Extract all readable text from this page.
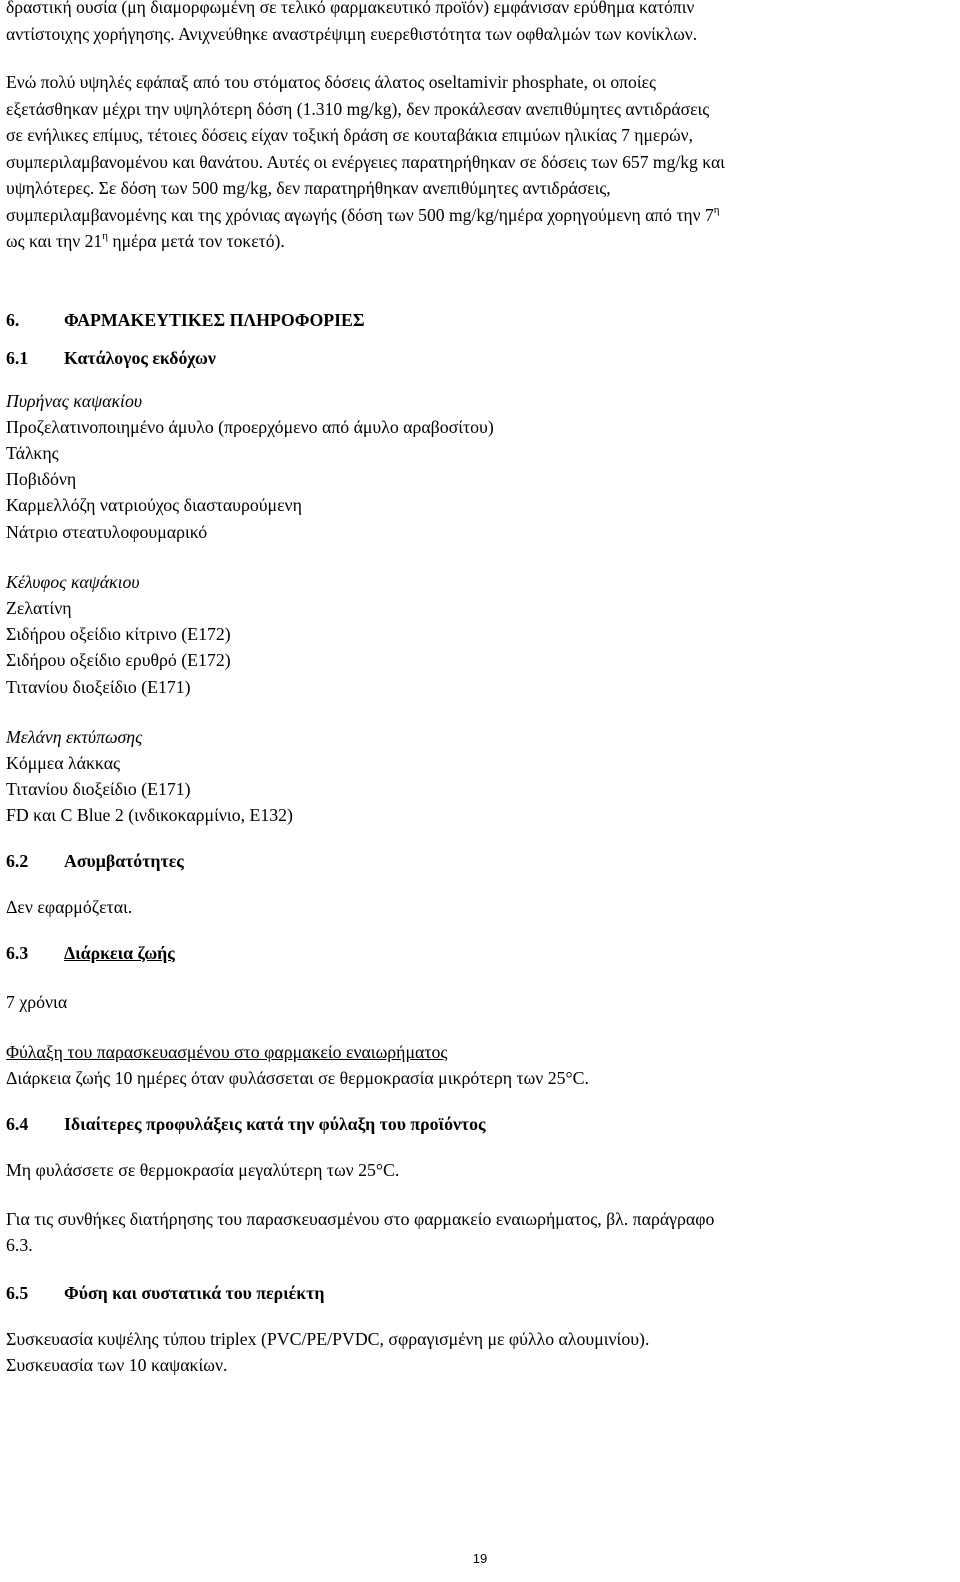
δραστική ουσία (μη διαμορφωμένη σε τελικό φαρμακευτικό προϊόν) εμφάνισαν ερύθημα κατόπιν
αντίστοιχης χορήγησης. Ανιχνεύθηκε αναστρέψιμη ευερεθιστότητα των οφθαλμών των κονίκλων.
Ενώ πολύ υψηλές εφάπαξ από του στόματος δόσεις άλατος oseltamivir phosphate, οι οποίες
εξετάσθηκαν μέχρι την υψηλότερη δόση (1.310 mg/kg), δεν προκάλεσαν ανεπιθύμητες αντιδράσεις
σε ενήλικες επίμυς, τέτοιες δόσεις είχαν τοξική δράση σε κουταβάκια επιμύων ηλικίας 7 ημερών,
συμπεριλαμβανομένου και θανάτου. Αυτές οι ενέργειες παρατηρήθηκαν σε δόσεις των 657 mg/kg και
υψηλότερες. Σε δόση των 500 mg/kg, δεν παρατηρήθηκαν ανεπιθύμητες αντιδράσεις,
συμπεριλαμβανομένης και της χρόνιας αγωγής (δόση των 500 mg/kg/ημέρα χορηγούμενη από την $7^\eta$
ως και την $21^\eta$ ημέρα μετά τον τοκετό).
6.	ΦΑΡΜΑΚΕΥΤΙΚΕΣ ΠΛΗΡΟΦΟΡΙΕΣ
6.1 Κατάλογος εκδόχων
Πυρήνας καψακίου
Προζελατινοποιημένο άμυλο (προερχόμενο από άμυλο αραβοσίτου)
Τάλκης
Ποβιδόνη
Καρμελλόζη νατριούχος διασταυρούμενη
Νάτριο στεατυλοφουμαρικό
Κέλυφος καψάκιου
Ζελατίνη
Σιδήρου οξείδιο κίτρινο (E172)
Σιδήρου οξείδιο ερυθρό (E172)
Τιτανίου διοξείδιο (E171)
Μελάνη εκτύπωσης
Κόμμεα λάκκας
Τιτανίου διοξείδιο (E171)
FD και C Blue 2 (ινδικοκαρμίνιο, E132)
6.2 Ασυμβατότητες
Δεν εφαρμόζεται.
6.3 Διάρκεια ζωής
7 χρόνια
Φύλαξη του παρασκευασμένου στο φαρμακείο εναιωρήματος
Διάρκεια ζωής 10 ημέρες όταν φυλάσσεται σε θερμοκρασία μικρότερη των 25°C.
6.4 Ιδιαίτερες προφυλάξεις κατά την φύλαξη του προϊόντος
Μη φυλάσσετε σε θερμοκρασία μεγαλύτερη των 25°C.
Για τις συνθήκες διατήρησης του παρασκευασμένου στο φαρμακείο εναιωρήματος, βλ. παράγραφο
6.3.
6.5 Φύση και συστατικά του περιέκτη
Συσκευασία κυψέλης τύπου triplex (PVC/PE/PVDC, σφραγισμένη με φύλλο αλουμινίου).
Συσκευασία των 10 καψακίων.
19
